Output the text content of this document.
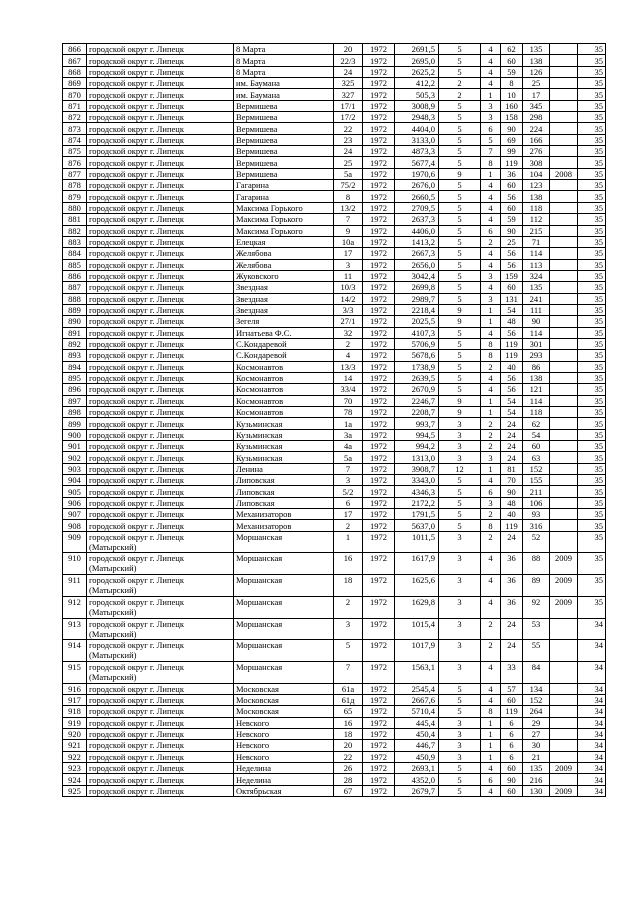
866	городской округ г. Липецк	8 Марта	20	1972	2691,5	5	4	62	135		35
867	городской округ г. Липецк	8 Марта	22/3	1972	2695,0	5	4	60	138		35
868	городской округ г. Липецк	8 Марта	24	1972	2625,2	5	4	59	126		35
869	городской округ г. Липецк	им. Баумана	325	1972	412,2	2	4	8	25		35
870	городской округ г. Липецк	им. Баумана	327	1972	505,3	2	1	10	17		35
871	городской округ г. Липецк	Вермишева	17/1	1972	3008,9	5	3	160	345		35
872	городской округ г. Липецк	Вермишева	17/2	1972	2948,3	5	3	158	298		35
873	городской округ г. Липецк	Вермишева	22	1972	4404,0	5	6	90	224		35
874	городской округ г. Липецк	Вермишева	23	1972	3133,0	5	5	69	166		35
875	городской округ г. Липецк	Вермишева	24	1972	4873,3	5	7	99	276		35
876	городской округ г. Липецк	Вермишева	25	1972	5677,4	5	8	119	308		35
877	городской округ г. Липецк	Вермишева	5а	1972	1970,6	9	1	36	104	2008	35
878	городской округ г. Липецк	Гагарина	75/2	1972	2676,0	5	4	60	123		35
879	городской округ г. Липецк	Гагарина	8	1972	2660,5	5	4	56	138		35
880	городской округ г. Липецк	Максима Горького	13/2	1972	2709,5	5	4	60	118		35
881	городской округ г. Липецк	Максима Горького	7	1972	2637,3	5	4	59	112		35
882	городской округ г. Липецк	Максима Горького	9	1972	4406,0	5	6	90	215		35
883	городской округ г. Липецк	Елецкая	10а	1972	1413,2	5	2	25	71		35
884	городской округ г. Липецк	Желябова	17	1972	2667,3	5	4	56	114		35
885	городской округ г. Липецк	Желябова	3	1972	2656,0	5	4	56	113		35
886	городской округ г. Липецк	Жуковского	11	1972	3042,4	5	3	159	324		35
887	городской округ г. Липецк	Звездная	10/3	1972	2699,8	5	4	60	135		35
888	городской округ г. Липецк	Звездная	14/2	1972	2989,7	5	3	131	241		35
889	городской округ г. Липецк	Звездная	3/3	1972	2218,4	9	1	54	111		35
890	городской округ г. Липецк	Зегеля	27/1	1972	2025,5	9	1	48	90		35
891	городской округ г. Липецк	Игнатьева Ф.С.	32	1972	4107,3	5	4	56	114		35
892	городской округ г. Липецк	С.Кондаревой	2	1972	5706,9	5	8	119	301		35
893	городской округ г. Липецк	С.Кондаревой	4	1972	5678,6	5	8	119	293		35
894	городской округ г. Липецк	Космонавтов	13/3	1972	1738,9	5	2	40	86		35
895	городской округ г. Липецк	Космонавтов	14	1972	2639,5	5	4	56	138		35
896	городской округ г. Липецк	Космонавтов	33/4	1972	2670,9	5	4	56	121		35
897	городской округ г. Липецк	Космонавтов	70	1972	2246,7	9	1	54	114		35
898	городской округ г. Липецк	Космонавтов	78	1972	2208,7	9	1	54	118		35
899	городской округ г. Липецк	Кузьминская	1а	1972	993,7	3	2	24	62		35
900	городской округ г. Липецк	Кузьминская	3а	1972	994,5	3	2	24	54		35
901	городской округ г. Липецк	Кузьминская	4а	1972	994,2	3	2	24	60		35
902	городской округ г. Липецк	Кузьминская	5а	1972	1313,0	3	3	24	63		35
903	городской округ г. Липецк	Ленина	7	1972	3908,7	12	1	81	152		35
904	городской округ г. Липецк	Липовская	3	1972	3343,0	5	4	70	155		35
905	городской округ г. Липецк	Липовская	5/2	1972	4346,3	5	6	90	211		35
906	городской округ г. Липецк	Липовская	6	1972	2172,2	5	3	48	106		35
907	городской округ г. Липецк	Механизаторов	17	1972	1791,5	5	2	40	93		35
908	городской округ г. Липецк	Механизаторов	2	1972	5637,0	5	8	119	316		35
909	городской округ г. Липецк (Матырский)	Моршанская	1	1972	1011,5	3	2	24	52		35
910	городской округ г. Липецк (Матырский)	Моршанская	16	1972	1617,9	3	4	36	88	2009	35
911	городской округ г. Липецк (Матырский)	Моршанская	18	1972	1625,6	3	4	36	89	2009	35
912	городской округ г. Липецк (Матырский)	Моршанская	2	1972	1629,8	3	4	36	92	2009	35
913	городской округ г. Липецк (Матырский)	Моршанская	3	1972	1015,4	3	2	24	53		34
914	городской округ г. Липецк (Матырский)	Моршанская	5	1972	1017,9	3	2	24	55		34
915	городской округ г. Липецк (Матырский)	Моршанская	7	1972	1563,1	3	4	33	84		34
916	городской округ г. Липецк	Московская	61а	1972	2545,4	5	4	57	134		34
917	городской округ г. Липецк	Московская	61д	1972	2667,6	5	4	60	152		34
918	городской округ г. Липецк	Московская	65	1972	5710,4	5	8	119	264		34
919	городской округ г. Липецк	Невского	16	1972	445,4	3	1	6	29		34
920	городской округ г. Липецк	Невского	18	1972	450,4	3	1	6	27		34
921	городской округ г. Липецк	Невского	20	1972	446,7	3	1	6	30		34
922	городской округ г. Липецк	Невского	22	1972	450,9	3	1	6	21		34
923	городской округ г. Липецк	Неделина	26	1972	2693,1	5	4	60	135	2009	34
924	городской округ г. Липецк	Неделина	28	1972	4352,0	5	6	90	216		34
925	городской округ г. Липецк	Октябрьская	67	1972	2679,7	5	4	60	130	2009	34
